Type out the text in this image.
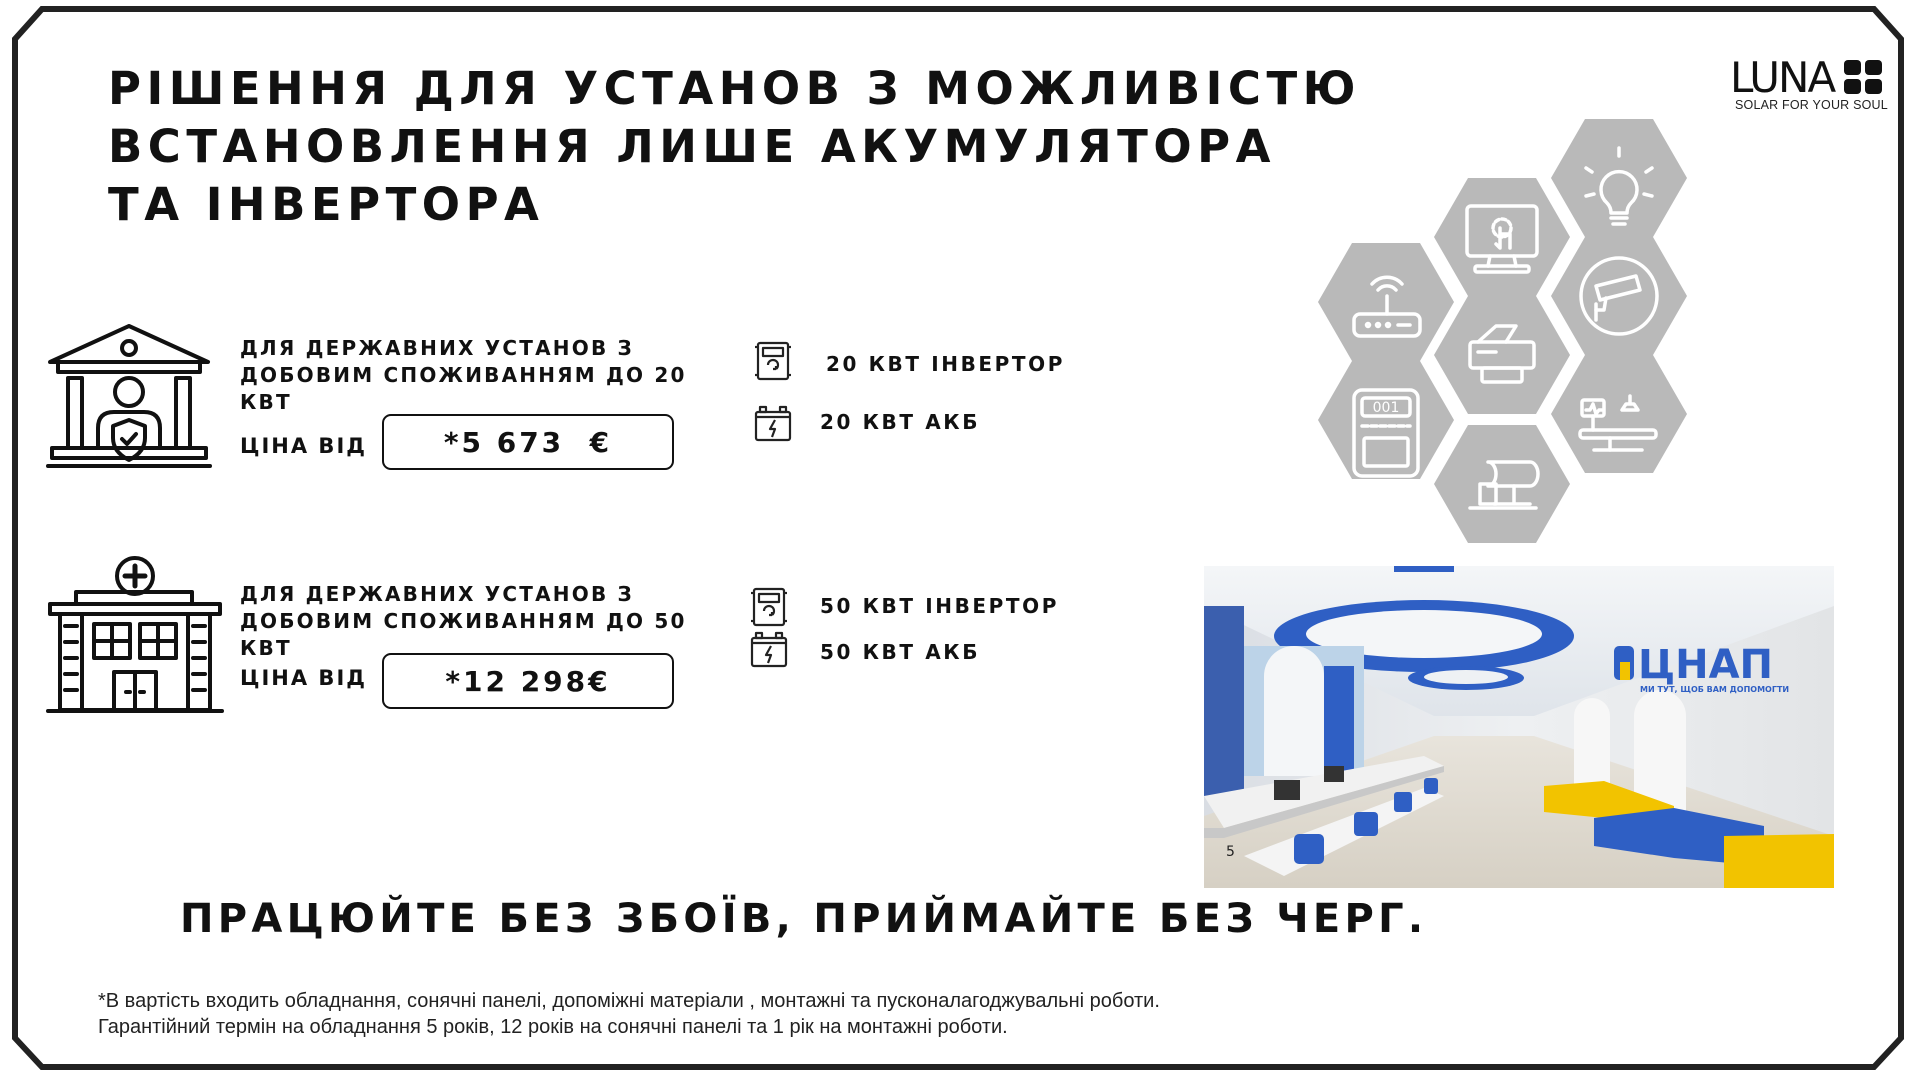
РІШЕННЯ ДЛЯ УСТАНОВ З МОЖЛИВІСТЮ
ВСТАНОВЛЕННЯ ЛИШЕ АКУМУЛЯТОРА
ТА ІНВЕРТОРА
LUNA
SOLAR FOR YOUR SOUL
001

ДЛЯ ДЕРЖАВНИХ УСТАНОВ З
ДОБОВИМ СПОЖИВАННЯМ ДО 20
КВТ

ЦІНА ВІД	*5 673  €
20 КВТ ІНВЕРТОР
20 КВТ АКБ

ДЛЯ ДЕРЖАВНИХ УСТАНОВ З
ДОБОВИМ СПОЖИВАННЯМ ДО 50
КВТ

ЦІНА ВІД	*12 298€
50 КВТ ІНВЕРТОР
50 КВТ АКБ	ЦНАП
МИ ТУТ, ЩОБ ВАМ ДОПОМОГТИ
5
ПРАЦЮЙТЕ БЕЗ ЗБОЇВ, ПРИЙМАЙТЕ БЕЗ ЧЕРГ.
*В вартість входить обладнання, сонячні панелі, допоміжні матеріали , монтажні та пусконалагоджувальні роботи.
Гарантійний термін на обладнання 5 років, 12 років на сонячні панелі та 1 рік на монтажні роботи.
